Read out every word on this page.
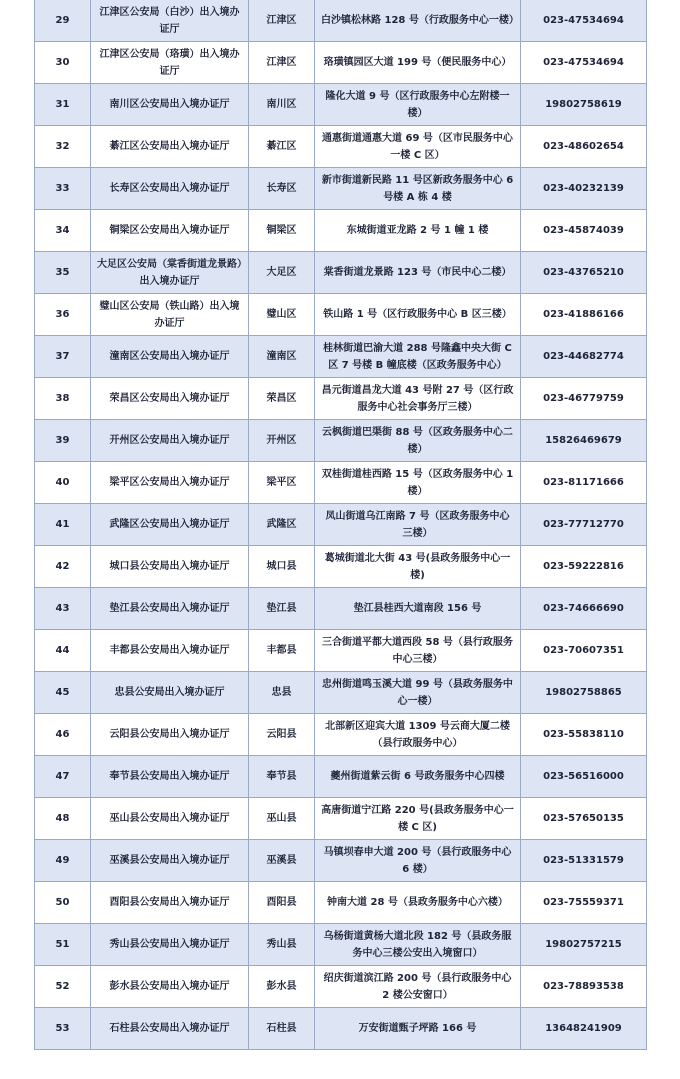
29	江津区公安局（白沙）出入境办证厅	江津区	白沙镇松林路 128 号（行政服务中心一楼）	023-47534694
30	江津区公安局（珞璜）出入境办证厅	江津区	珞璜镇园区大道 199 号（便民服务中心）	023-47534694
31	南川区公安局出入境办证厅	南川区	隆化大道 9 号（区行政服务中心左附楼一楼）	19802758619
32	綦江区公安局出入境办证厅	綦江区	通惠街道通惠大道 69 号（区市民服务中心一楼 C 区）	023-48602654
33	长寿区公安局出入境办证厅	长寿区	新市街道新民路 11 号区新政务服务中心 6 号楼 A 栋 4 楼	023-40232139
34	铜梁区公安局出入境办证厅	铜梁区	东城街道亚龙路 2 号 1 幢 1 楼	023-45874039
35	大足区公安局（棠香街道龙景路）出入境办证厅	大足区	棠香街道龙景路 123 号（市民中心二楼）	023-43765210
36	璧山区公安局（铁山路）出入境办证厅	璧山区	铁山路 1 号（区行政服务中心 B 区三楼）	023-41886166
37	潼南区公安局出入境办证厅	潼南区	桂林街道巴渝大道 288 号隆鑫中央大街 C 区 7 号楼 B 幢底楼（区政务服务中心）	023-44682774
38	荣昌区公安局出入境办证厅	荣昌区	昌元街道昌龙大道 43 号附 27 号（区行政服务中心社会事务厅三楼）	023-46779759
39	开州区公安局出入境办证厅	开州区	云枫街道巴渠街 88 号（区政务服务中心二楼）	15826469679
40	梁平区公安局出入境办证厅	梁平区	双桂街道桂西路 15 号（区政务服务中心 1 楼）	023-81171666
41	武隆区公安局出入境办证厅	武隆区	凤山街道乌江南路 7 号（区政务服务中心三楼）	023-77712770
42	城口县公安局出入境办证厅	城口县	葛城街道北大街 43 号(县政务服务中心一楼)	023-59222816
43	垫江县公安局出入境办证厅	垫江县	垫江县桂西大道南段 156 号	023-74666690
44	丰都县公安局出入境办证厅	丰都县	三合街道平都大道西段 58 号（县行政服务中心三楼）	023-70607351
45	忠县公安局出入境办证厅	忠县	忠州街道鸣玉溪大道 99 号（县政务服务中心一楼）	19802758865
46	云阳县公安局出入境办证厅	云阳县	北部新区迎宾大道 1309 号云商大厦二楼（县行政服务中心）	023-55838110
47	奉节县公安局出入境办证厅	奉节县	夔州街道紫云街 6 号政务服务中心四楼	023-56516000
48	巫山县公安局出入境办证厅	巫山县	高唐街道宁江路 220 号(县政务服务中心一楼 C 区)	023-57650135
49	巫溪县公安局出入境办证厅	巫溪县	马镇坝春申大道 200 号（县行政服务中心 6 楼）	023-51331579
50	酉阳县公安局出入境办证厅	酉阳县	钟南大道 28 号（县政务服务中心六楼）	023-75559371
51	秀山县公安局出入境办证厅	秀山县	乌杨街道黄杨大道北段 182 号（县政务服务中心三楼公安出入境窗口）	19802757215
52	彭水县公安局出入境办证厅	彭水县	绍庆街道滨江路 200 号（县行政服务中心 2 楼公安窗口）	023-78893538
53	石柱县公安局出入境办证厅	石柱县	万安街道甄子坪路 166 号	13648241909
